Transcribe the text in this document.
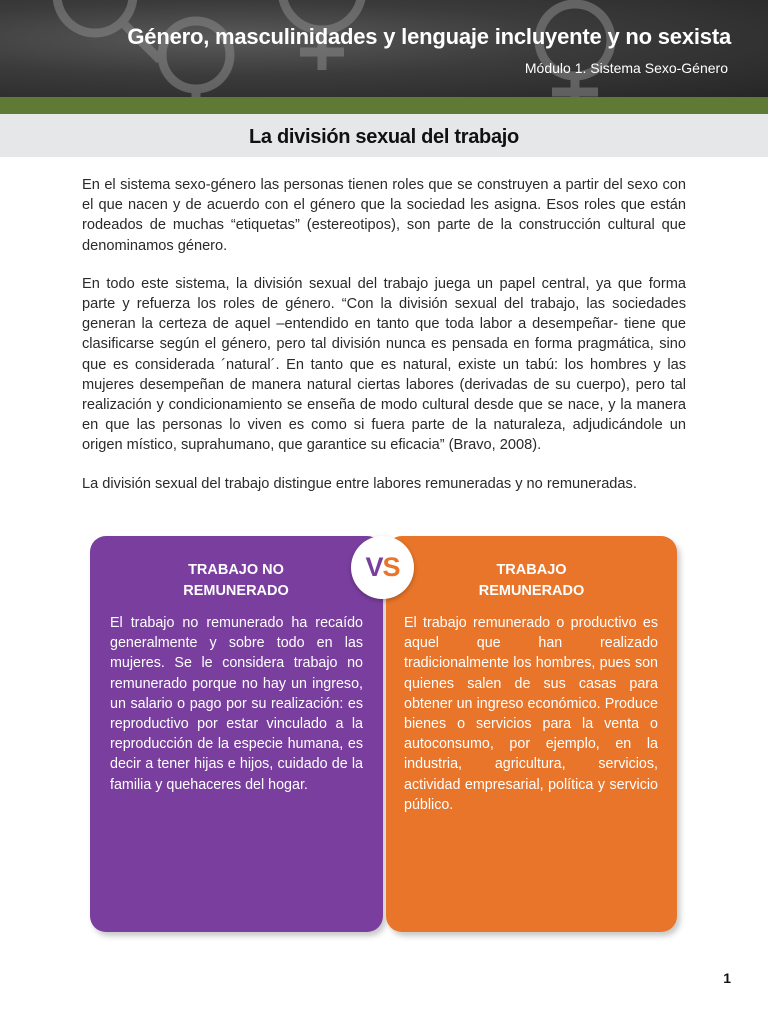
Género, masculinidades y lenguaje incluyente y no sexista
Módulo 1. Sistema Sexo-Género
La división sexual del trabajo

En el sistema sexo-género las personas tienen roles que se construyen a partir del sexo con el que nacen y de acuerdo con el género que la sociedad les asigna. Esos roles que están rodeados de muchas “etiquetas” (estereotipos), son parte de la construcción cultural que denominamos género.

En todo este sistema, la división sexual del trabajo juega un papel central, ya que forma parte y refuerza los roles de género. “Con la división sexual del trabajo, las sociedades generan la certeza de aquel –entendido en tanto que toda labor a desempeñar- tiene que clasificarse según el género, pero tal división nunca es pensada en forma pragmática, sino que es considerada ´natural´. En tanto que es natural, existe un tabú: los hombres y las mujeres desempeñan de manera natural ciertas labores (derivadas de su cuerpo), pero tal realización y condicionamiento se enseña de modo cultural desde que se nace, y la manera en que las personas lo viven es como si fuera parte de la naturaleza, adjudicándole un origen místico, suprahumano, que garantice su eficacia” (Bravo, 2008).

La división sexual del trabajo distingue entre labores remuneradas y no remuneradas.

TRABAJO NO
REMUNERADO
El trabajo no remunerado ha recaído generalmente y sobre todo en las mujeres. Se le considera trabajo no remunerado porque no hay un ingreso, un salario o pago por su realización: es reproductivo por estar vinculado a la reproducción de la especie humana, es decir a tener hijas e hijos, cuidado de la familia y quehaceres del hogar.
TRABAJO
REMUNERADO
El trabajo remunerado o productivo es aquel que han realizado tradicionalmente los hombres, pues son quienes salen de sus casas para obtener un ingreso económico. Produce bienes o servicios para la venta o autoconsumo, por ejemplo, en la industria, agricultura, servicios, actividad empresarial, política y servicio público.
VS
1
